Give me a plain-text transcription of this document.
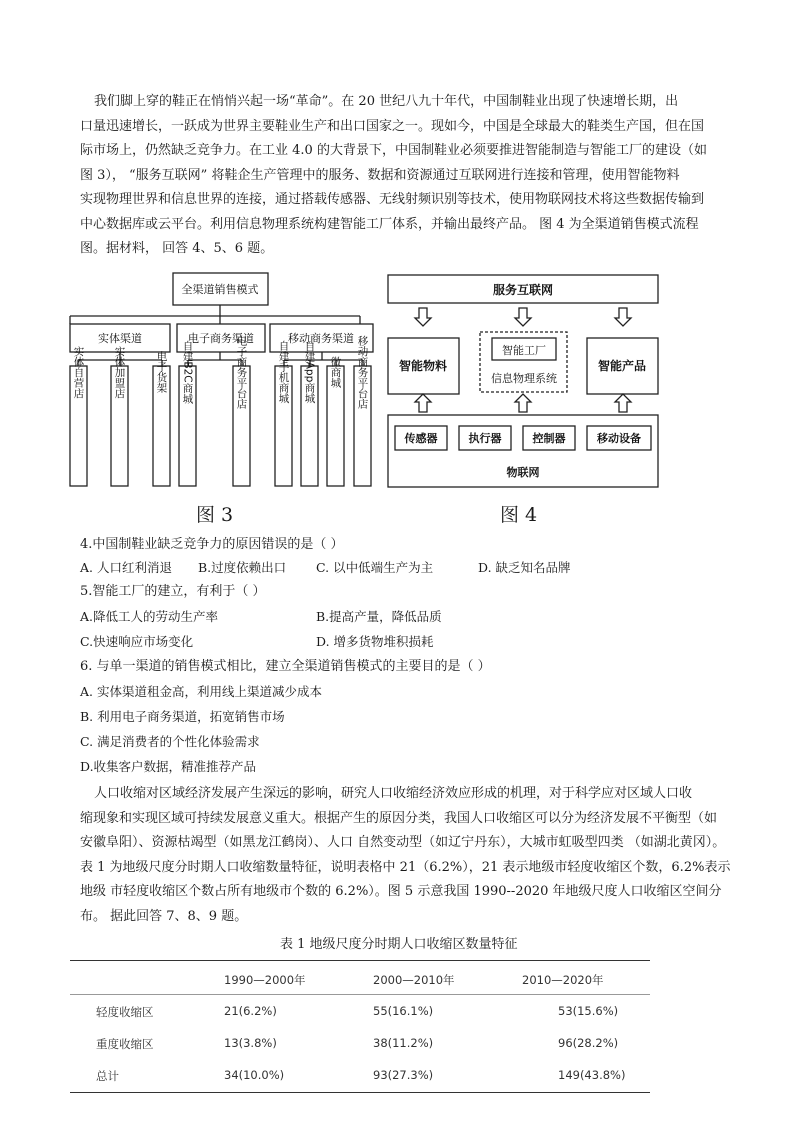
我们脚上穿的鞋正在悄悄兴起一场“革命”。在 20 世纪八九十年代，中国制鞋业出现了快速增长期，出
口量迅速增长，一跃成为世界主要鞋业生产和出口国家之一。现如今，中国是全球最大的鞋类生产国，但在国
际市场上，仍然缺乏竞争力。在工业 4.0 的大背景下，中国制鞋业必须要推进智能制造与智能工厂的建设（如
图 3）， “服务互联网” 将鞋企生产管理中的服务、数据和资源通过互联网进行连接和管理，使用智能物料
实现物理世界和信息世界的连接，通过搭载传感器、无线射频识别等技术，使用物联网技术将这些数据传输到
中心数据库或云平台。利用信息物理系统构建智能工厂体系，并输出最终产品。 图 4 为全渠道销售模式流程
图。据材料， 回答 4、5、6 题。
全渠道销售模式
实体渠道	电子商务渠道	移动商务渠道
实体自营店	实体加盟店	电子货架 自建B2C商城	电子商务平台店	自建手机商城 自建App商城 微商城 移动商务平台店
图 3
服务互联网
智能物料
智能工厂
信息物理系统
智能产品
传感器	执行器	控制器	移动设备
物联网
图 4
4.中国制鞋业缺乏竞争力的原因错误的是（ ）
A. 人口红利消退 B.过度依赖出口 C. 以中低端生产为主	D. 缺乏知名品牌
5.智能工厂的建立，有利于（ ）
A.降低工人的劳动生产率	B.提高产量，降低品质
C.快速响应市场变化	D. 增多货物堆积损耗
6. 与单一渠道的销售模式相比，建立全渠道销售模式的主要目的是（ ）
A. 实体渠道租金高，利用线上渠道减少成本
B. 利用电子商务渠道，拓宽销售市场
C. 满足消费者的个性化体验需求
D.收集客户数据，精准推荐产品
人口收缩对区域经济发展产生深远的影响，研究人口收缩经济效应形成的机理，对于科学应对区域人口收
缩现象和实现区域可持续发展意义重大。根据产生的原因分类，我国人口收缩区可以分为经济发展不平衡型（如
安徽阜阳）、资源枯竭型（如黑龙江鹤岗）、人口 自然变动型（如辽宁丹东），大城市虹吸型四类 （如湖北黄冈）。
表 1 为地级尺度分时期人口收缩数量特征，说明表格中 21（6.2%），21 表示地级市轻度收缩区个数，6.2%表示
地级 市轻度收缩区个数占所有地级市个数的 6.2%）。图 5 示意我国 1990--2020 年地级尺度人口收缩区空间分
布。 据此回答 7、8、9 题。
表 1 地级尺度分时期人口收缩区数量特征
1990—2000年	2000—2010年	2010—2020年
轻度收缩区	21(6.2%)	55(16.1%)	53(15.6%)
重度收缩区	13(3.8%)	38(11.2%)	96(28.2%)
总计	34(10.0%)	93(27.3%)	149(43.8%)
